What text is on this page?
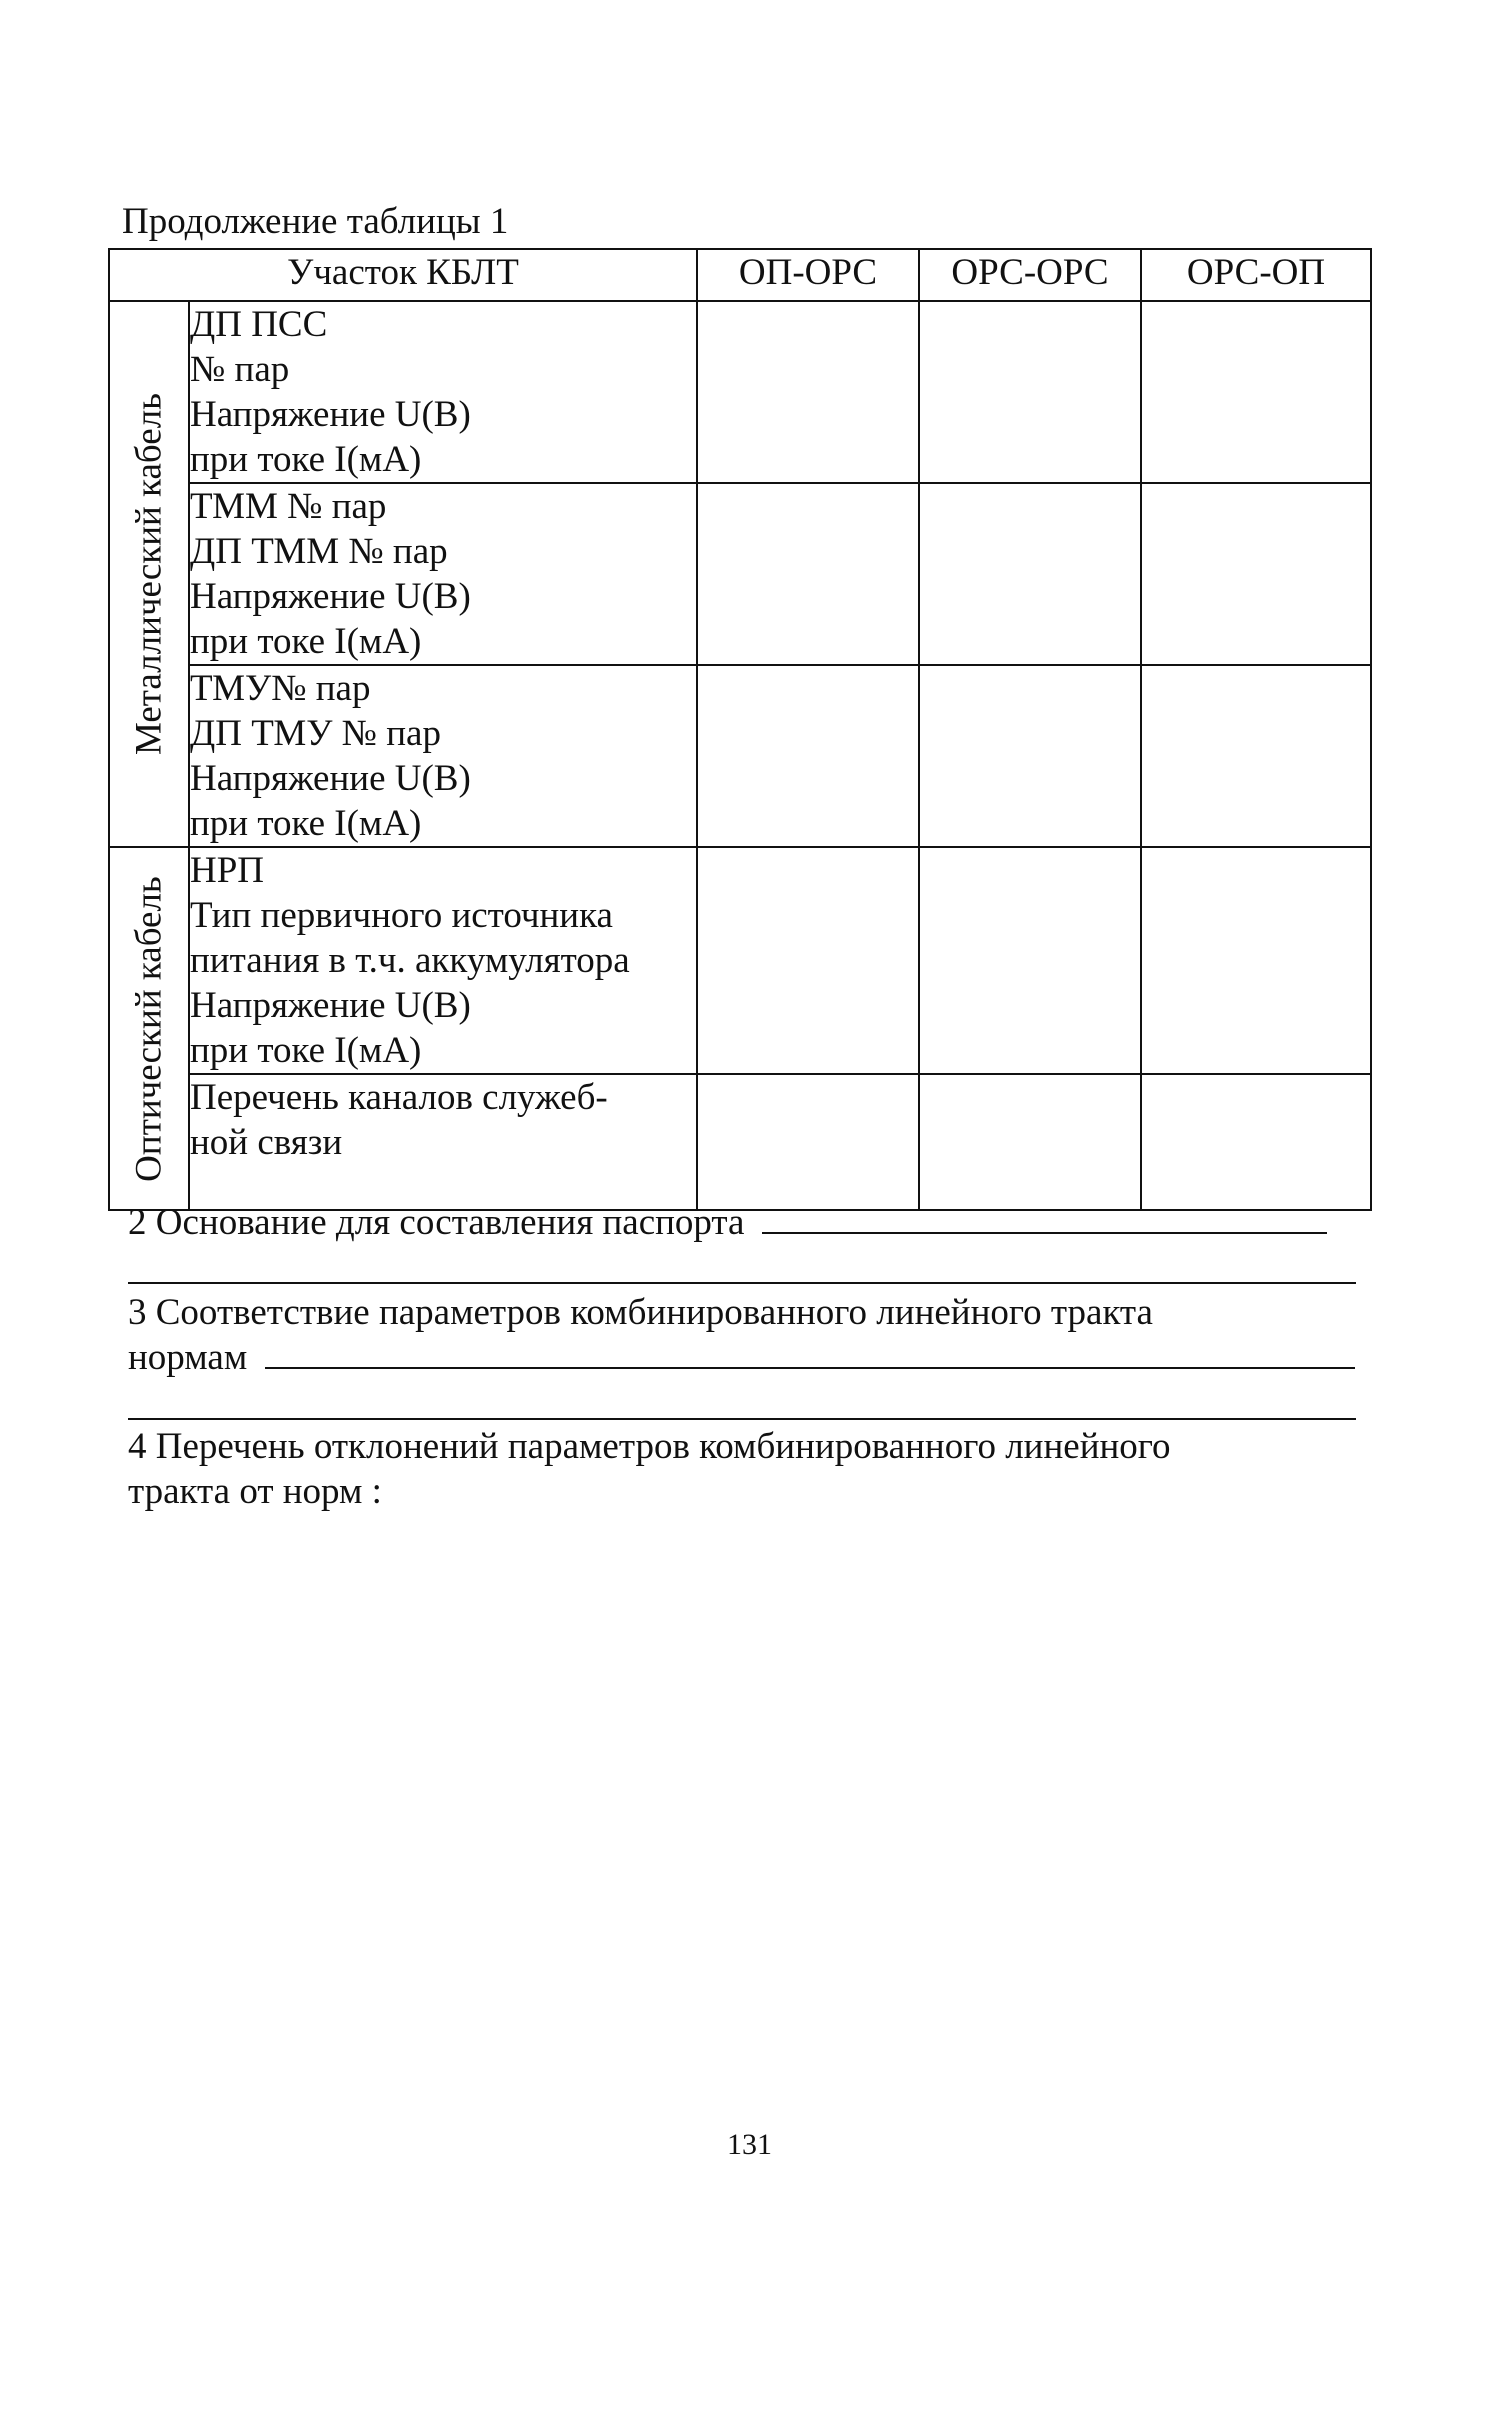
Продолжение таблицы 1
Участок КБЛТ		ОП-ОРС	ОРС-ОРС	ОРС-ОП

Металлический кабель	ДП ПСС
№ пар
Напряжение U(B)
при токе I(мА)			

	ТММ № пар
ДП ТММ № пар
Напряжение U(B)
при токе I(мА)			

	ТМУ№ пар
ДП ТМУ № пар
Напряжение U(B)
при токе I(мА)			

Оптический кабель	НРП
Тип первичного источника
питания в т.ч. аккумулятора
Напряжение U(B)
при токе I(мА)			

	Перечень каналов служеб-
ной связи			

2 Основание для составления паспорта
3 Соответствие параметров комбинированного линейного тракта
нормам
4 Перечень отклонений параметров комбинированного линейного
тракта от норм :
131
